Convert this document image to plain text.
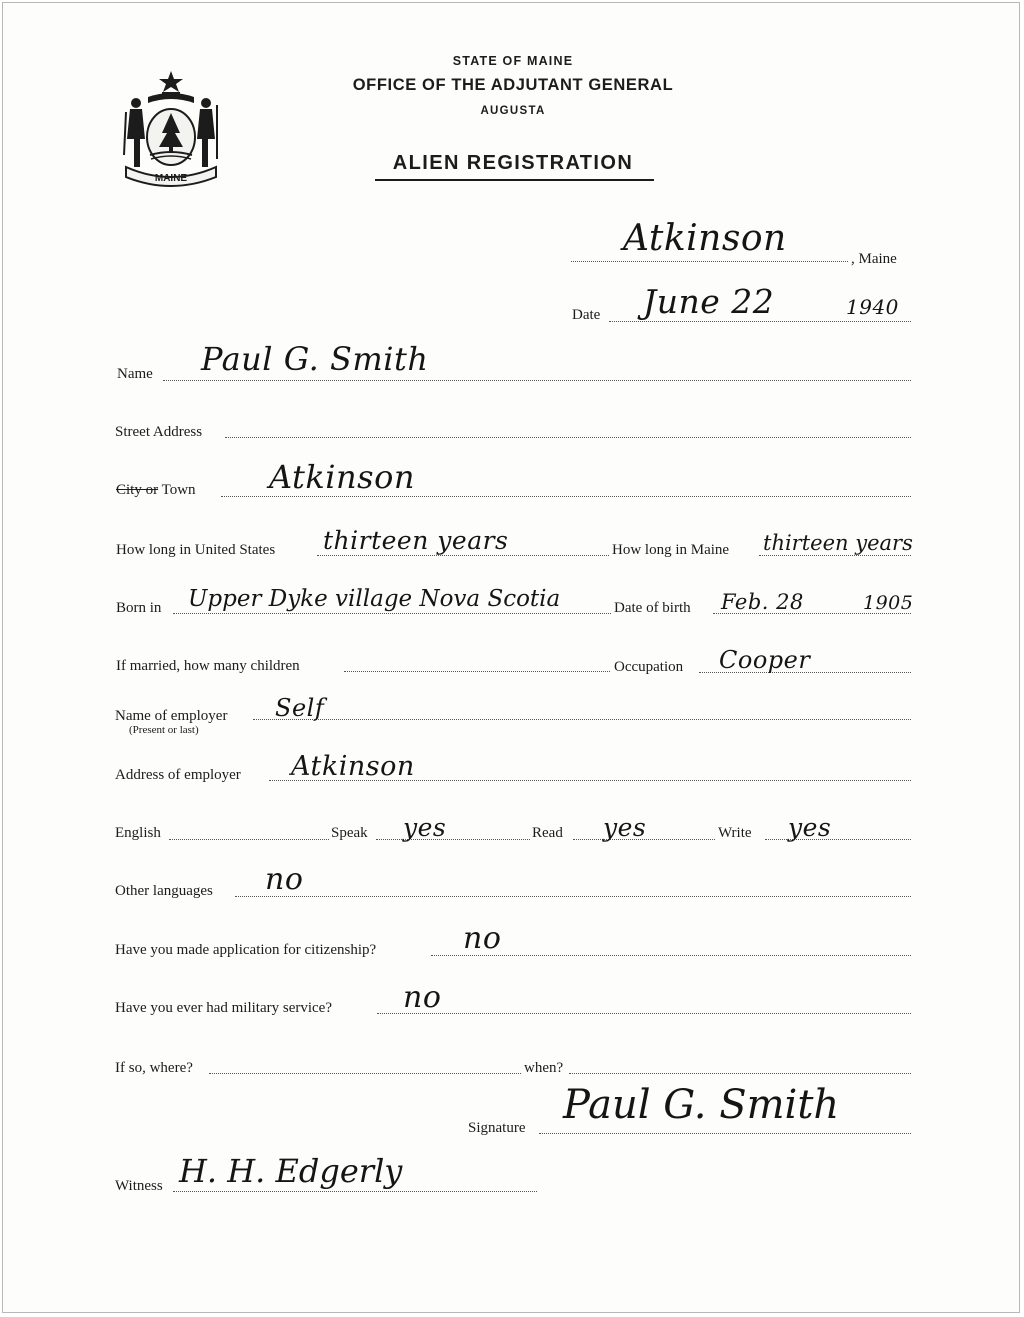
MAINE
STATE OF MAINE
OFFICE OF THE ADJUTANT GENERAL
AUGUSTA
ALIEN REGISTRATION
Atkinson	, Maine
Date June 22	1940
Name Paul G. Smith
Street Address
City or Town Atkinson
How long in United States thirteen years	How long in Maine thirteen years
Born in Upper Dyke village Nova Scotia	Date of birth Feb. 28	1905
If married, how many children	Occupation Cooper
Name of employer
(Present or last)
Self
Address of employer Atkinson
English	Speak yes	Read yes	Write yes
Other languages no
Have you made application for citizenship?	no
Have you ever had military service? no
If so, where?	when?
Signature Paul G. Smith
Witness H. H. Edgerly
